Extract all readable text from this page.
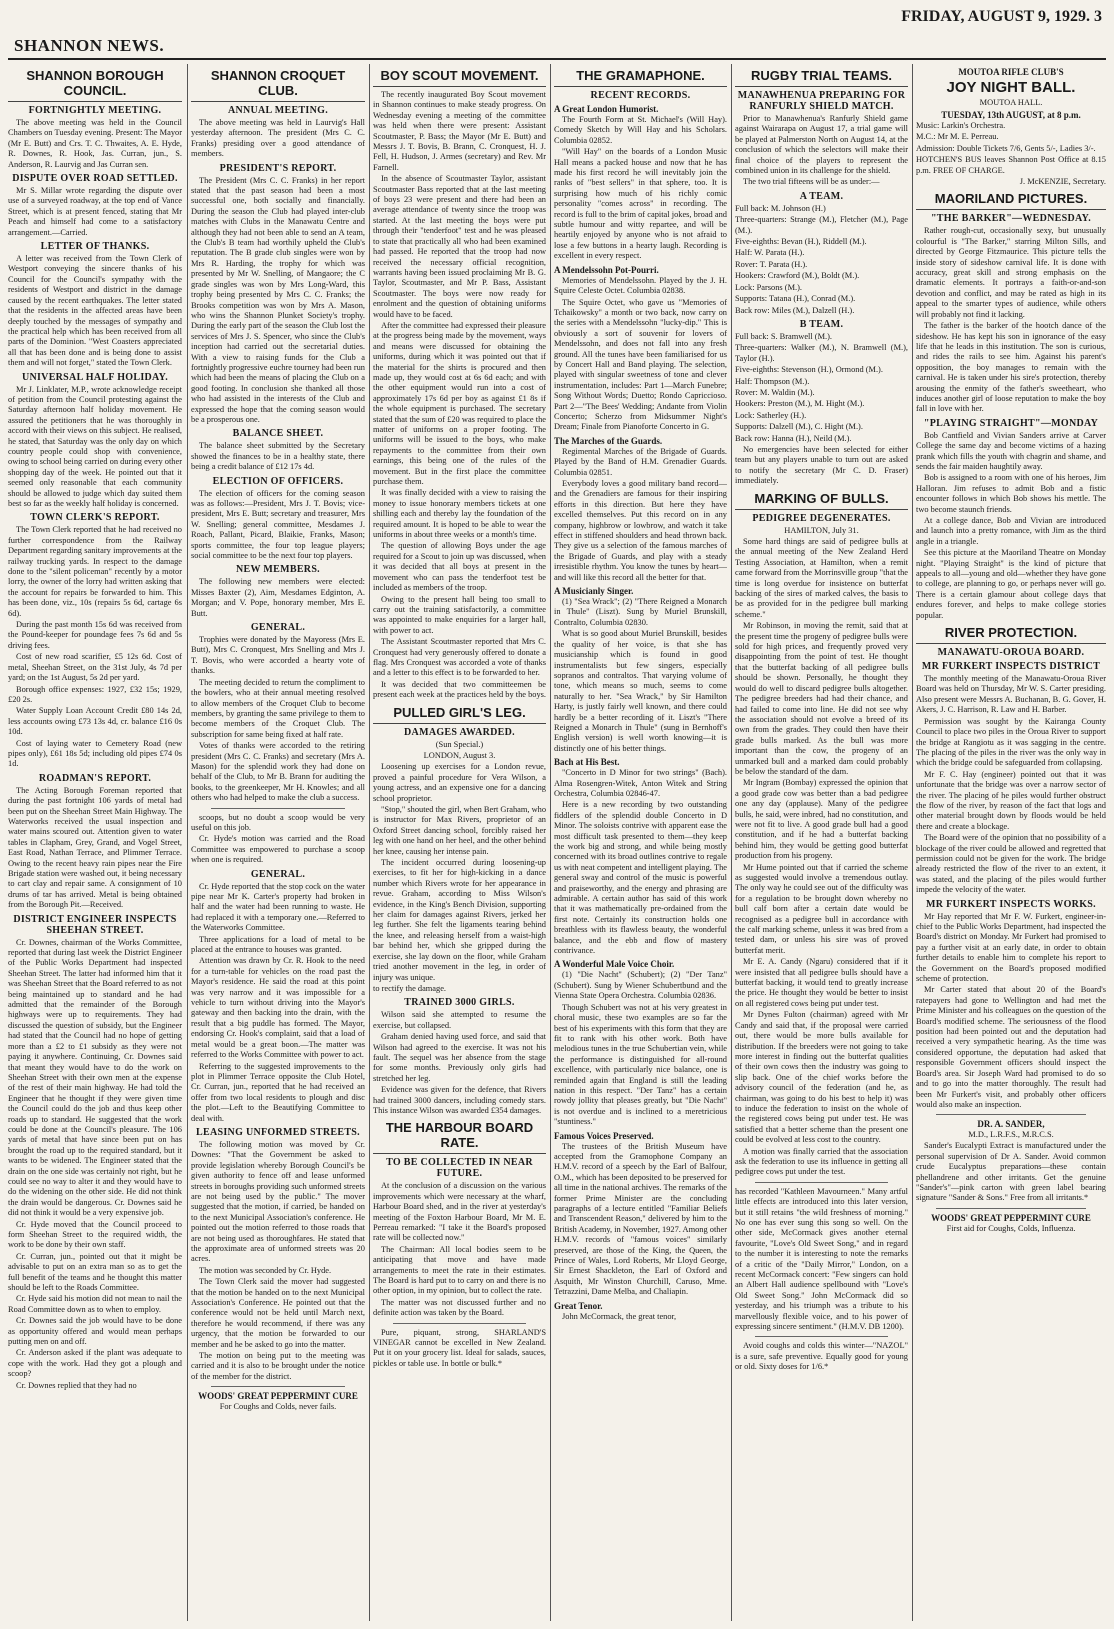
SHANNON NEWS.
FRIDAY, AUGUST 9, 1929. 3
SHANNON BOROUGH COUNCIL.
FORTNIGHTLY MEETING.

The above meeting was held in the Council Chambers on Tuesday evening. Present: The Mayor (Mr E. Butt) and Crs. T. C. Thwaites, A. E. Hyde, R. Downes, R. Hook, Jas. Curran, jun., S. Anderson, R. Laurvig and Jas Curran sen.

DISPUTE OVER ROAD SETTLED.

Mr S. Millar wrote regarding the dispute over use of a surveyed roadway, at the top end of Vance Street, which is at present fenced, stating that Mr Peach and himself had come to a satisfactory arrangement.—Carried.

LETTER OF THANKS.

A letter was received from the Town Clerk of Westport conveying the sincere thanks of his Council for the Council's sympathy with the residents of Westport and district in the damage caused by the recent earthquakes. The letter stated that the residents in the affected areas have been deeply touched by the messages of sympathy and the practical help which has been received from all parts of the Dominion. "West Coasters appreciated all that has been done and is being done to assist them and will not forget," stated the Town Clerk.

UNIVERSAL HALF HOLIDAY.

Mr J. Linklater, M.P., wrote acknowledge receipt of petition from the Council protesting against the Saturday afternoon half holiday movement. He assured the petitioners that he was thoroughly in accord with their views on this subject. He realised, he stated, that Saturday was the only day on which country people could shop with convenience, owing to school being carried on during every other shopping day of the week. He pointed out that it seemed only reasonable that each community should be allowed to judge which day suited them best so far as the weekly half holiday is concerned.

TOWN CLERK'S REPORT.

The Town Clerk reported that he had received no further correspondence from the Railway Department regarding sanitary improvements at the railway trucking yards. In respect to the damage done to the "silent policeman" recently by a motor lorry, the owner of the lorry had written asking that the account for repairs be forwarded to him. This has been done, viz., 10s (repairs 5s 6d, cartage 6s 6d).

During the past month 15s 6d was received from the Pound-keeper for poundage fees 7s 6d and 5s driving fees.

Cost of new road scarifier, £5 12s 6d. Cost of metal, Sheehan Street, on the 31st July, 4s 7d per yard; on the 1st August, 5s 2d per yard.

Borough office expenses: 1927, £32 15s; 1929, £20 2s.

Water Supply Loan Account Credit £80 14s 2d, less accounts owing £73 13s 4d, cr. balance £16 0s 10d.

Cost of laying water to Cemetery Road (new pipes only), £61 18s 5d; including old pipes £74 0s 1d.

ROADMAN'S REPORT.

The Acting Borough Foreman reported that during the past fortnight 106 yards of metal had been put on the Sheehan Street Main Highway. The Waterworks received the usual inspection and water mains scoured out. Attention given to water tables in Clapham, Grey, Grand, and Vogel Street, East Road, Nathan Terrace, and Plimmer Terrace. Owing to the recent heavy rain pipes near the Fire Brigade station were washed out, it being necessary to cart clay and repair same. A consignment of 10 drums of tar has arrived. Metal is being obtained from the Borough Pit.—Received.

DISTRICT ENGINEER INSPECTS SHEEHAN STREET.

Cr. Downes, chairman of the Works Committee, reported that during last week the District Engineer of the Public Works Department had inspected Sheehan Street. The latter had informed him that it was Sheehan Street that the Board referred to as not being maintained up to standard and he had admitted that the remainder of the Borough highways were up to requirements. They had discussed the question of subsidy, but the Engineer had stated that the Council had no hope of getting more than a £2 to £1 subsidy as they were not paying it anywhere. Continuing, Cr. Downes said that meant they would have to do the work on Sheehan Street with their own men at the expense of the rest of their main highway. He had told the Engineer that he thought if they were given time the Council could do the job and thus keep other roads up to standard. He suggested that the work could be done at the Council's pleasure. The 106 yards of metal that have since been put on has brought the road up to the required standard, but it wants to be widened. The Engineer stated that the drain on the one side was certainly not right, but he could see no way to alter it and they would have to do the widening on the other side. He did not think the drain would be dangerous. Cr. Downes said he did not think it would be a very expensive job.

Cr. Hyde moved that the Council proceed to form Sheehan Street to the required width, the work to be done by their own staff.

Cr. Curran, jun., pointed out that it might be advisable to put on an extra man so as to get the full benefit of the teams and he thought this matter should be left to the Roads Committee.

Cr. Hyde said his motion did not mean to nail the Road Committee down as to when to employ.

Cr. Downes said the job would have to be done as opportunity offered and would mean perhaps putting men on and off.

Cr. Anderson asked if the plant was adequate to cope with the work. Had they got a plough and scoop?

Cr. Downes replied that they had no

SHANNON CROQUET CLUB.
ANNUAL MEETING.

The above meeting was held in Laurvig's Hall yesterday afternoon. The president (Mrs C. C. Franks) presiding over a good attendance of members.

PRESIDENT'S REPORT.

The President (Mrs C. C. Franks) in her report stated that the past season had been a most successful one, both socially and financially. During the season the Club had played inter-club matches with Clubs in the Manawatu Centre and although they had not been able to send an A team, the Club's B team had worthily upheld the Club's reputation. The B grade club singles were won by Mrs R. Harding, the trophy for which was presented by Mr W. Snelling, of Mangaore; the C grade singles was won by Mrs Long-Ward, this trophy being presented by Mrs C. C. Franks; the Brooks competition was won by Mrs A. Mason, who wins the Shannon Plunket Society's trophy. During the early part of the season the Club lost the services of Mrs J. S. Spencer, who since the Club's inception had carried out the secretarial duties. With a view to raising funds for the Club a fortnightly progressive euchre tourney had been run which had been the means of placing the Club on a good footing. In conclusion she thanked all those who had assisted in the interests of the Club and expressed the hope that the coming season would be a prosperous one.

BALANCE SHEET.

The balance sheet submitted by the Secretary showed the finances to be in a healthy state, there being a credit balance of £12 17s 4d.

ELECTION OF OFFICERS.

The election of officers for the coming season was as follows:—President, Mrs J. T. Bovis; vice-president, Mrs E. Butt; secretary and treasurer, Mrs W. Snelling; general committee, Mesdames J. Roach, Pallant, Picard, Blaikie, Franks, Mason; sports committee, the four top league players; social committee to be the next four top players.

NEW MEMBERS.

The following new members were elected: Misses Baxter (2), Aim, Mesdames Edginton, A. Morgan; and V. Pope, honorary member, Mrs E. Butt.

GENERAL.

Trophies were donated by the Mayoress (Mrs E. Butt), Mrs C. Cronquest, Mrs Snelling and Mrs J. T. Bovis, who were accorded a hearty vote of thanks.

The meeting decided to return the compliment to the bowlers, who at their annual meeting resolved to allow members of the Croquet Club to become members, by granting the same privilege to them to become members of the Croquet Club. The subscription for same being fixed at half rate.

Votes of thanks were accorded to the retiring president (Mrs C. C. Franks) and secretary (Mrs A. Mason) for the splendid work they had done on behalf of the Club, to Mr B. Brann for auditing the books, to the greenkeeper, Mr H. Knowles; and all others who had helped to make the club a success.

scoops, but no doubt a scoop would be very useful on this job.

Cr. Hyde's motion was carried and the Road Committee was empowered to purchase a scoop when one is required.

GENERAL.

Cr. Hyde reported that the stop cock on the water pipe near Mr K. Carter's property had broken in half and the water had been running to waste. He had replaced it with a temporary one.—Referred to the Waterworks Committee.

Three applications for a load of metal to be placed at the entrance to houses was granted.

Attention was drawn by Cr. R. Hook to the need for a turn-table for vehicles on the road past the Mayor's residence. He said the road at this point was very narrow and it was impossible for a vehicle to turn without driving into the Mayor's gateway and then backing into the drain, with the result that a big puddle has formed. The Mayor, endorsing Cr. Hook's complaint, said that a load of metal would be a great boon.—The matter was referred to the Works Committee with power to act.

Referring to the suggested improvements to the plot in Plimmer Terrace opposite the Club Hotel, Cr. Curran, jun., reported that he had received an offer from two local residents to plough and disc the plot.—Left to the Beautifying Committee to deal with.

LEASING UNFORMED STREETS.

The following motion was moved by Cr. Downes: "That the Government be asked to provide legislation whereby Borough Council's be given authority to fence off and lease unformed streets in boroughs providing such unformed streets are not being used by the public." The mover suggested that the motion, if carried, be handed on to the next Municipal Association's conference. He pointed out the motion referred to those roads that are not being used as thoroughfares. He stated that the approximate area of unformed streets was 20 acres.

The motion was seconded by Cr. Hyde.

The Town Clerk said the mover had suggested that the motion be handed on to the next Municipal Association's Conference. He pointed out that the conference would not be held until March next, therefore he would recommend, if there was any urgency, that the motion be forwarded to our member and he be asked to go into the matter.

The motion on being put to the meeting was carried and it is also to be brought under the notice of the member for the district.

WOODS' GREAT PEPPERMINT CURE
For Coughs and Colds, never fails.
BOY SCOUT MOVEMENT.

The recently inaugurated Boy Scout movement in Shannon continues to make steady progress. On Wednesday evening a meeting of the committee was held when there were present: Assistant Scoutmaster, P. Bass; the Mayor (Mr E. Butt) and Messrs J. T. Bovis, B. Brann, C. Cronquest, H. J. Fell, H. Hudson, J. Armes (secretary) and Rev. Mr Farnell.

In the absence of Scoutmaster Taylor, assistant Scoutmaster Bass reported that at the last meeting of boys 23 were present and there had been an average attendance of twenty since the troop was started. At the last meeting the boys were put through their "tenderfoot" test and he was pleased to state that practically all who had been examined had passed. He reported that the troop had now received the necessary official recognition, warrants having been issued proclaiming Mr B. G. Taylor, Scoutmaster, and Mr P. Bass, Assistant Scoutmaster. The boys were now ready for enrolment and the question of obtaining uniforms would have to be faced.

After the committee had expressed their pleasure at the progress being made by the movement, ways and means were discussed for obtaining the uniforms, during which it was pointed out that if the material for the shirts is procured and then made up, they would cost at 6s 6d each; and with the other equipment would run into a cost of approximately 17s 6d per boy as against £1 8s if the whole equipment is purchased. The secretary stated that the sum of £20 was required to place the matter of uniforms on a proper footing. The uniforms will be issued to the boys, who make repayments to the committee from their own earnings, this being one of the rules of the movement. But in the first place the committee purchase them.

It was finally decided with a view to raising the money to issue honorary members tickets at one shilling each and thereby lay the foundation of the required amount. It is hoped to be able to wear the uniforms in about three weeks or a month's time.

The question of allowing Boys under the age required for a Scout to join up was discussed, when it was decided that all boys at present in the movement who can pass the tenderfoot test be included as members of the troop.

Owing to the present hall being too small to carry out the training satisfactorily, a committee was appointed to make enquiries for a larger hall, with power to act.

The Assistant Scoutmaster reported that Mrs C. Cronquest had very generously offered to donate a flag. Mrs Cronquest was accorded a vote of thanks and a letter to this effect is to be forwarded to her.

It was decided that two committeemen be present each week at the practices held by the boys.

PULLED GIRL'S LEG.
DAMAGES AWARDED.

(Sun Special.)

LONDON, August 3.

Loosening up exercises for a London revue, proved a painful procedure for Vera Wilson, a young actress, and an expensive one for a dancing school proprietor.

"Stop," shouted the girl, when Bert Graham, who is instructor for Max Rivers, proprietor of an Oxford Street dancing school, forcibly raised her leg with one hand on her heel, and the other behind her knee, causing her intense pain.

The incident occurred during loosening-up exercises, to fit her for high-kicking in a dance number which Rivers wrote for her appearance in revue. Graham, according to Miss Wilson's evidence, in the King's Bench Division, supporting her claim for damages against Rivers, jerked her leg further. She felt the ligaments tearing behind the knee, and releasing herself from a waist-high bar behind her, which she gripped during the exercise, she lay down on the floor, while Graham tried another movement in the leg, in order of injury was unique.

to rectify the damage.

TRAINED 3000 GIRLS.

Wilson said she attempted to resume the exercise, but collapsed.

Graham denied having used force, and said that Wilson had agreed to the exercise. It was not his fault. The sequel was her absence from the stage for some months. Previously only girls had stretched her leg.

Evidence was given for the defence, that Rivers had trained 3000 dancers, including comedy stars. This instance Wilson was awarded £354 damages.

THE HARBOUR BOARD RATE.
TO BE COLLECTED IN NEAR FUTURE.

At the conclusion of a discussion on the various improvements which were necessary at the wharf, Harbour Board shed, and in the river at yesterday's meeting of the Foxton Harbour Board, Mr M. E. Perreau remarked: "I take it the Board's proposed rate will be collected now."

The Chairman: All local bodies seem to be anticipating that move and have made arrangements to meet the rate in their estimates. The Board is hard put to to carry on and there is no other option, in my opinion, but to collect the rate.

The matter was not discussed further and no definite action was taken by the Board.

Pure, piquant, strong, SHARLAND'S VINEGAR cannot be excelled in New Zealand. Put it on your grocery list. Ideal for salads, sauces, pickles or table use. In bottle or bulk.*

THE GRAMAPHONE.
RECENT RECORDS.
A Great London Humorist.

The Fourth Form at St. Michael's (Will Hay). Comedy Sketch by Will Hay and his Scholars. Columbia 02852.

"Will Hay" on the boards of a London Music Hall means a packed house and now that he has made his first record he will inevitably join the ranks of "best sellers" in that sphere, too. It is surprising how much of his richly comic personality "comes across" in recording. The record is full to the brim of capital jokes, broad and subtle humour and witty repartee, and will be heartily enjoyed by anyone who is not afraid to lose a few buttons in a hearty laugh. Recording is excellent in every respect.

A Mendelssohn Pot-Pourri.

Memories of Mendelssohn. Played by the J. H. Squire Celeste Octet. Columbia 02838.

The Squire Octet, who gave us "Memories of Tchaikowsky" a month or two back, now carry on the series with a Mendelssohn "lucky-dip." This is obviously a sort of souvenir for lovers of Mendelssohn, and does not fall into any fresh ground. All the tunes have been familiarised for us by Concert Hall and Band playing. The selection, played with singular sweetness of tone and clever instrumentation, includes: Part 1—March Funebre; Song Without Words; Duetto; Rondo Capriccioso. Part 2—"The Bees' Wedding; Andante from Violin Concerto; Scherzo from Midsummer Night's Dream; Finale from Pianoforte Concerto in G.

The Marches of the Guards.

Regimental Marches of the Brigade of Guards. Played by the Band of H.M. Grenadier Guards. Columbia 02851.

Everybody loves a good military band record—and the Grenadiers are famous for their inspiring efforts in this direction. But here they have excelled themselves. Put this record on in any company, highbrow or lowbrow, and watch it take effect in stiffened shoulders and head thrown back. They give us a selection of the famous marches of the Brigade of Guards, and play with a steady irresistible rhythm. You know the tunes by heart—and will like this record all the better for that.

A Musicianly Singer.

(1) "Sea Wrack"; (2) "There Reigned a Monarch in Thule" (Liszt). Sung by Muriel Brunskill, Contralto, Columbia 02830.

What is so good about Muriel Brunskill, besides the quality of her voice, is that she has musicianship which is found in good instrumentalists but few singers, especially sopranos and contraltos. That varying volume of tone, which means so much, seems to come naturally to her. "Sea Wrack," by Sir Hamilton Harty, is justly fairly well known, and there could hardly be a better recording of it. Liszt's "There Reigned a Monarch in Thule" (sung in Bernhoff's English version) is well worth knowing—it is distinctly one of his better things.

Bach at His Best.

"Concerto in D Minor for two strings" (Bach). Alma Rosengren-Witek, Anton Witek and String Orchestra, Columbia 02846-47.

Here is a new recording by two outstanding fiddlers of the splendid double Concerto in D Minor. The soloists contrive with apparent ease the most difficult task presented to them—they keep the work big and strong, and while being mostly concerned with its broad outlines contrive to regale us with neat competent and intelligent playing. The general sway and control of the music is powerful and praiseworthy, and the energy and phrasing are admirable. A certain author has said of this work that it was mathematically pre-ordained from the first note. Certainly its construction holds one breathless with its flawless beauty, the wonderful balance, and the ebb and flow of mastery contrivance.

A Wonderful Male Voice Choir.

(1) "Die Nacht" (Schubert); (2) "Der Tanz" (Schubert). Sung by Wiener Schubertbund and the Vienna State Opera Orchestra. Columbia 02836.

Though Schubert was not at his very greatest in choral music, these two examples are so far the best of his experiments with this form that they are fit to rank with his other work. Both have melodious tunes in the true Schubertian vein, while the performance is distinguished for all-round excellence, with particularly nice balance, one is reminded again that England is still the leading nation in this respect. "Der Tanz" has a certain rowdy jollity that pleases greatly, but "Die Nacht" is not overdue and is inclined to a meretricious "stuntiness."

Famous Voices Preserved.

The trustees of the British Museum have accepted from the Gramophone Company an H.M.V. record of a speech by the Earl of Balfour, O.M., which has been deposited to be preserved for all time in the national archives. The remarks of the former Prime Minister are the concluding paragraphs of a lecture entitled "Familiar Beliefs and Transcendent Reason," delivered by him to the British Academy, in November, 1927. Among other H.M.V. records of "famous voices" similarly preserved, are those of the King, the Queen, the Prince of Wales, Lord Roberts, Mr Lloyd George, Sir Ernest Shackleton, the Earl of Oxford and Asquith, Mr Winston Churchill, Caruso, Mme. Tetrazzini, Dame Melba, and Chaliapin.

Great Tenor.

John McCormack, the great tenor,

RUGBY TRIAL TEAMS.
MANAWHENUA PREPARING FOR RANFURLY SHIELD MATCH.

Prior to Manawhenua's Ranfurly Shield game against Wairarapa on August 17, a trial game will be played at Palmerston North on August 14, at the conclusion of which the selectors will make their final choice of the players to represent the combined union in its challenge for the shield.

The two trial fifteens will be as under:—

A TEAM.

Full back: M. Johnson (H.)

Three-quarters: Strange (M.), Fletcher (M.), Page (M.).

Five-eighths: Bevan (H.), Riddell (M.).

Half: W. Parata (H.).

Rover: T. Parata (H.).

Hookers: Crawford (M.), Boldt (M.).

Lock: Parsons (M.).

Supports: Tatana (H.), Conrad (M.).

Back row: Miles (M.), Dalzell (H.).

B TEAM.

Full back: S. Bramwell (M.).

Three-quarters: Walker (M.), N. Bramwell (M.), Taylor (H.).

Five-eighths: Stevenson (H.), Ormond (M.).

Half: Thompson (M.).

Rover: M. Waldin (M.).

Hookers: Preston (M.), M. Hight (M.).

Lock: Satherley (H.).

Supports: Dalzell (M.), C. Hight (M.).

Back row: Hanna (H.), Neild (M.).

No emergencies have been selected for either team but any players unable to turn out are asked to notify the secretary (Mr C. D. Fraser) immediately.

MARKING OF BULLS.
PEDIGREE DEGENERATES.

HAMILTON, July 31.

Some hard things are said of pedigree bulls at the annual meeting of the New Zealand Herd Testing Association, at Hamilton, when a remit came forward from the Morrinsville group "that the time is long overdue for insistence on butterfat backing of the sires of marked calves, the basis to be as provided for in the pedigree bull marking scheme."

Mr Robinson, in moving the remit, said that at the present time the progeny of pedigree bulls were sold for high prices, and frequently proved very disappointing from the point of test. He thought that the butterfat backing of all pedigree bulls should be shown. Personally, he thought they would do well to discard pedigree bulls altogether. The pedigree breeders had had their chance, and had failed to come into line. He did not see why the association should not evolve a breed of its own from the grades. They could then have their grade bulls marked. As the bull was more important than the cow, the progeny of an unmarked bull and a marked dam could probably be below the standard of the dam.

Mr Ingram (Bombay) expressed the opinion that a good grade cow was better than a bad pedigree one any day (applause). Many of the pedigree bulls, he said, were inbred, had no constitution, and were not fit to live. A good grade bull had a good constitution, and if he had a butterfat backing behind him, they would be getting good butterfat production from his progeny.

Mr Hume pointed out that if carried the scheme as suggested would involve a tremendous outlay. The only way he could see out of the difficulty was for a regulation to be brought down whereby no bull calf born after a certain date would be recognised as a pedigree bull in accordance with the calf marking scheme, unless it was bred from a tested dam, or unless his sire was of proved butterfat merit.

Mr E. A. Candy (Ngaru) considered that if it were insisted that all pedigree bulls should have a butterfat backing, it would tend to greatly increase the price. He thought they would be better to insist on all registered cows being put under test.

Mr Dynes Fulton (chairman) agreed with Mr Candy and said that, if the proposal were carried out, there would be more bulls available for distribution. If the breeders were not going to take more interest in finding out the butterfat qualities of their own cows then the industry was going to slip back. One of the chief works before the advisory council of the federation (and he, as chairman, was going to do his best to help it) was to induce the federation to insist on the whole of the registered cows being put under test. He was satisfied that a better scheme than the present one could be evolved at less cost to the country.

A motion was finally carried that the association ask the federation to use its influence in getting all pedigree cows put under the test.

has recorded "Kathleen Mavourneen." Many artful little effects are introduced into this later version, but it still retains "the wild freshness of morning." No one has ever sung this song so well. On the other side, McCormack gives another eternal favourite, "Love's Old Sweet Song," and in regard to the number it is interesting to note the remarks of a critic of the "Daily Mirror," London, on a recent McCormack concert: "Few singers can hold an Albert Hall audience spellbound with "Love's Old Sweet Song." John McCormack did so yesterday, and his triumph was a tribute to his marvellously flexible voice, and to his power of expressing sincere sentiment." (H.M.V. DB 1200).

Avoid coughs and colds this winter—"NAZOL" is a sure, safe preventive. Equally good for young or old. Sixty doses for 1/6.*

MOUTOA RIFLE CLUB'S
JOY NIGHT BALL.
MOUTOA HALL.
TUESDAY, 13th AUGUST, at 8 p.m.

Music: Larkin's Orchestra.

M.C.: Mr M. E. Perreau.

Admission: Double Tickets 7/6, Gents 5/-, Ladies 3/-.

HOTCHEN'S BUS leaves Shannon Post Office at 8.15 p.m. FREE OF CHARGE.

J. McKENZIE, Secretary.

MAORILAND PICTURES.
"THE BARKER"—WEDNESDAY.

Rather rough-cut, occasionally sexy, but unusually colourful is "The Barker," starring Milton Sills, and directed by George Fitzmaurice. This picture tells the inside story of sideshow carnival life. It is done with accuracy, great skill and strong emphasis on the dramatic elements. It portrays a faith-or-and-son devotion and conflict, and may be rated as high in its appeal to the smarter types of audience, while others will probably not find it lacking.

The father is the barker of the hootch dance of the sideshow. He has kept his son in ignorance of the easy life that he leads in this institution. The son is curious, and rides the rails to see him. Against his parent's opposition, the boy manages to remain with the carnival. He is taken under his sire's protection, thereby arousing the enmity of the father's sweetheart, who induces another girl of loose reputation to make the boy fall in love with her.

"PLAYING STRAIGHT"—MONDAY

Bob Cantfield and Vivian Sanders arrive at Carver College the same day and become victims of a hazing prank which fills the youth with chagrin and shame, and sends the fair maiden haughtily away.

Bob is assigned to a room with one of his heroes, Jim Halloran. Jim refuses to admit Bob and a fistic encounter follows in which Bob shows his mettle. The two become staunch friends.

At a college dance, Bob and Vivian are introduced and launch into a pretty romance, with Jim as the third angle in a triangle.

See this picture at the Maoriland Theatre on Monday night. "Playing Straight" is the kind of picture that appeals to all—young and old—whether they have gone to college, are planning to go, or perhaps never will go. There is a certain glamour about college days that endures forever, and helps to make college stories popular.

RIVER PROTECTION.
MANAWATU-OROUA BOARD.
MR FURKERT INSPECTS DISTRICT

The monthly meeting of the Manawatu-Oroua River Board was held on Thursday, Mr W. S. Carter presiding. Also present were Messrs A. Buchanan, B. G. Gover, H. Akers, J. C. Harrison, R. Law and H. Barber.

Permission was sought by the Kairanga County Council to place two piles in the Oroua River to support the bridge at Rangiotu as it was sagging in the centre. The placing of the piles in the river was the only way in which the bridge could be safeguarded from collapsing.

Mr F. C. Hay (engineer) pointed out that it was unfortunate that the bridge was over a narrow sector of the river. The placing of he piles would further obstruct the flow of the river, by reason of the fact that logs and other material brought down by floods would be held there and create a blockage.

The Board were of the opinion that no possibility of a blockage of the river could be allowed and regretted that permission could not be given for the work. The bridge already restricted the flow of the river to an extent, it was stated, and the placing of the piles would further impede the velocity of the water.

MR FURKERT INSPECTS WORKS.

Mr Hay reported that Mr F. W. Furkert, engineer-in-chief to the Public Works Department, had inspected the Board's district on Monday. Mr Furkert had promised to pay a further visit at an early date, in order to obtain further details to enable him to complete his report to the Government on the Board's proposed modified scheme of protection.

Mr Carter stated that about 20 of the Board's ratepayers had gone to Wellington and had met the Prime Minister and his colleagues on the question of the Board's modified scheme. The seriousness of the flood position had been pointed out and the deputation had received a very sympathetic hearing. As the time was considered opportune, the deputation had asked that responsible Government officers should inspect the Board's area. Sir Joseph Ward had promised to do so and to go into the matter thoroughly. The result had been Mr Furkert's visit, and probably other officers would also make an inspection.

DR. A. SANDER,
M.D., L.R.F.S., M.R.C.S.

Sander's Eucalypti Extract is manufactured under the personal supervision of Dr A. Sander. Avoid common crude Eucalyptus preparations—these contain phellandrene and other irritants. Get the genuine "Sander's"—pink carton with green label bearing signature "Sander & Sons." Free from all irritants.*

WOODS' GREAT PEPPERMINT CURE
First aid for Coughs, Colds, Influenza.
